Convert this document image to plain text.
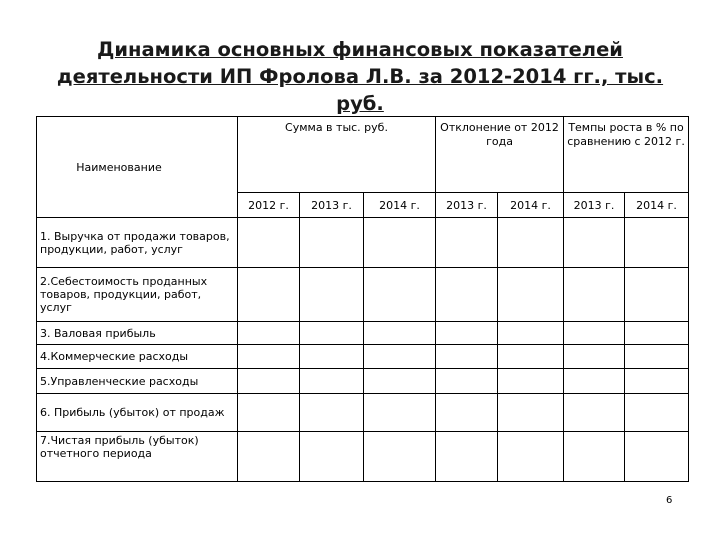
Динамика основных финансовых показателей деятельности ИП Фролова Л.В. за 2012-2014 гг., тыс. руб.
Наименование	Сумма в тыс. руб.			Отклонение от 2012 года		Темпы роста в % по сравнению с 2012 г.	
	2012 г.	2013 г.	2014 г.	2013 г.	2014 г.	2013 г.	2014 г.
1. Выручка от продажи товаров, продукции, работ, услуг							
2.Себестоимость проданных товаров, продукции, работ, услуг							
3. Валовая прибыль							
4.Коммерческие расходы							
5.Управленческие расходы							
6. Прибыль (убыток) от продаж							
7.Чистая прибыль (убыток) отчетного периода							
6
